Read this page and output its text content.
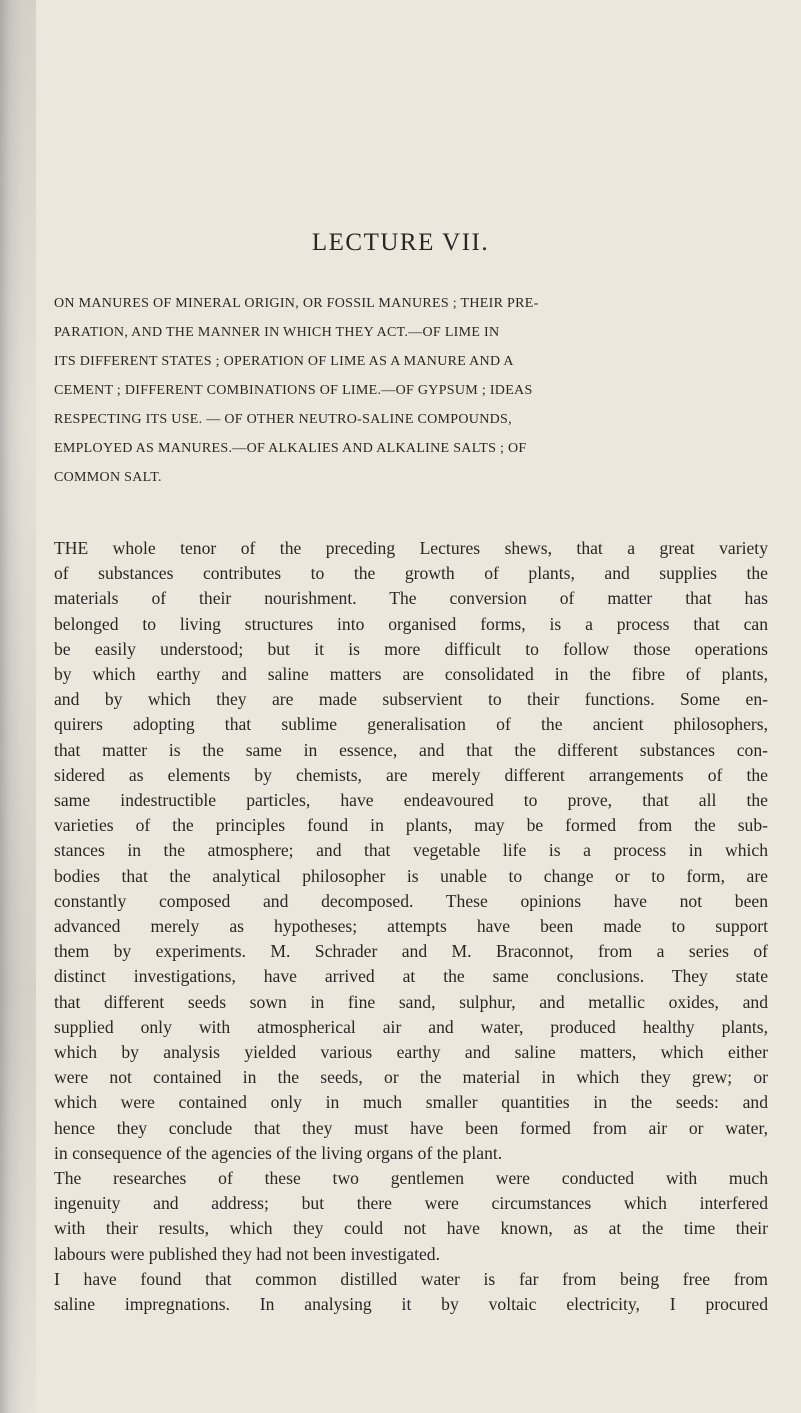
LECTURE VII.
ON MANURES OF MINERAL ORIGIN, OR FOSSIL MANURES ; THEIR PRE-
PARATION, AND THE MANNER IN WHICH THEY ACT.—OF LIME IN
ITS DIFFERENT STATES ; OPERATION OF LIME AS A MANURE AND A
CEMENT ; DIFFERENT COMBINATIONS OF LIME.—OF GYPSUM ; IDEAS
RESPECTING ITS USE. — OF OTHER NEUTRO-SALINE COMPOUNDS,
EMPLOYED AS MANURES.—OF ALKALIES AND ALKALINE SALTS ; OF
COMMON SALT.
THE whole tenor of the preceding Lectures shews, that a great variety
of substances contributes to the growth of plants, and supplies the
materials of their nourishment. The conversion of matter that has
belonged to living structures into organised forms, is a process that can
be easily understood; but it is more difficult to follow those operations
by which earthy and saline matters are consolidated in the fibre of plants,
and by which they are made subservient to their functions. Some en-
quirers adopting that sublime generalisation of the ancient philosophers,
that matter is the same in essence, and that the different substances con-
sidered as elements by chemists, are merely different arrangements of the
same indestructible particles, have endeavoured to prove, that all the
varieties of the principles found in plants, may be formed from the sub-
stances in the atmosphere; and that vegetable life is a process in which
bodies that the analytical philosopher is unable to change or to form, are
constantly composed and decomposed. These opinions have not been
advanced merely as hypotheses; attempts have been made to support
them by experiments. M. Schrader and M. Braconnot, from a series of
distinct investigations, have arrived at the same conclusions. They state
that different seeds sown in fine sand, sulphur, and metallic oxides, and
supplied only with atmospherical air and water, produced healthy plants,
which by analysis yielded various earthy and saline matters, which either
were not contained in the seeds, or the material in which they grew; or
which were contained only in much smaller quantities in the seeds: and
hence they conclude that they must have been formed from air or water,
in consequence of the agencies of the living organs of the plant.
The researches of these two gentlemen were conducted with much
ingenuity and address; but there were circumstances which interfered
with their results, which they could not have known, as at the time their
labours were published they had not been investigated.
I have found that common distilled water is far from being free from
saline impregnations. In analysing it by voltaic electricity, I procured
